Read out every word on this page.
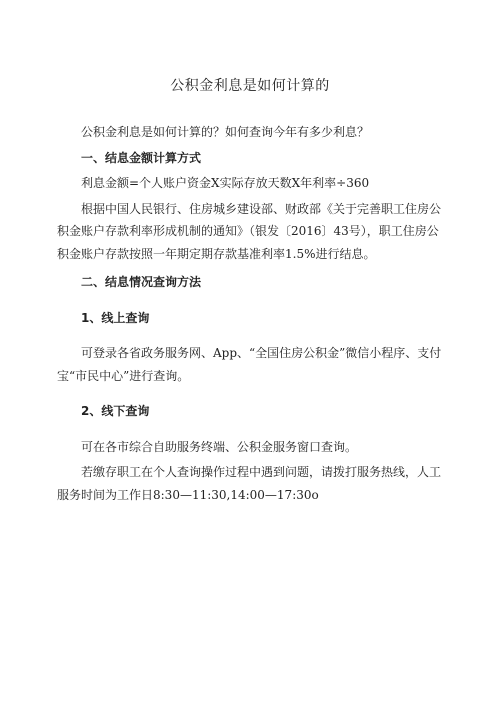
公积金利息是如何计算的

公积金利息是如何计算的？如何查询今年有多少利息？

一、结息金额计算方式

利息金额=个人账户资金X实际存放天数X年利率÷360

根据中国人民银行、住房城乡建设部、财政部《关于完善职工住房公积金账户存款利率形成机制的通知》（银发〔2016〕43号），职工住房公积金账户存款按照一年期定期存款基准利率1.5%进行结息。

二、结息情况查询方法

1、线上查询

可登录各省政务服务网、App、“全国住房公积金”微信小程序、支付宝“市民中心”进行查询。

2、线下查询

可在各市综合自助服务终端、公积金服务窗口查询。

若缴存职工在个人查询操作过程中遇到问题，请拨打服务热线，人工服务时间为工作日8:30—11:30,14:00—17:30o
